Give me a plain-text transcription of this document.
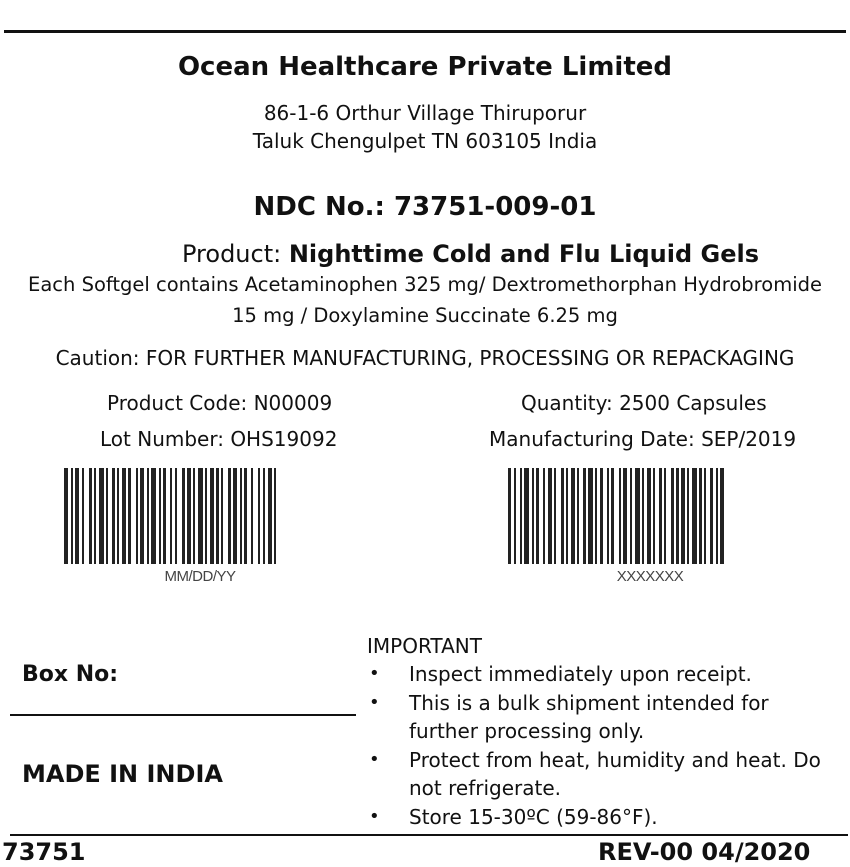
Ocean Healthcare Private Limited
86-1-6 Orthur Village Thiruporur
Taluk Chengulpet TN 603105 India
NDC No.: 73751-009-01
Product: Nighttime Cold and Flu Liquid Gels
Each Softgel contains Acetaminophen 325 mg/ Dextromethorphan Hydrobromide
15 mg / Doxylamine Succinate 6.25 mg
Caution: FOR FURTHER MANUFACTURING, PROCESSING OR REPACKAGING
Product Code: N00009	Quantity: 2500 Capsules
Lot Number: OHS19092	Manufacturing Date: SEP/2019
MM/DD/YY	XXXXXXX
Box No:
MADE IN INDIA
IMPORTANT
• Inspect immediately upon receipt.
• This is a bulk shipment intended for further processing only.
• Protect from heat, humidity and heat. Do not refrigerate.
• Store 15-30ºC (59-86°F).
73751	REV-00 04/2020
